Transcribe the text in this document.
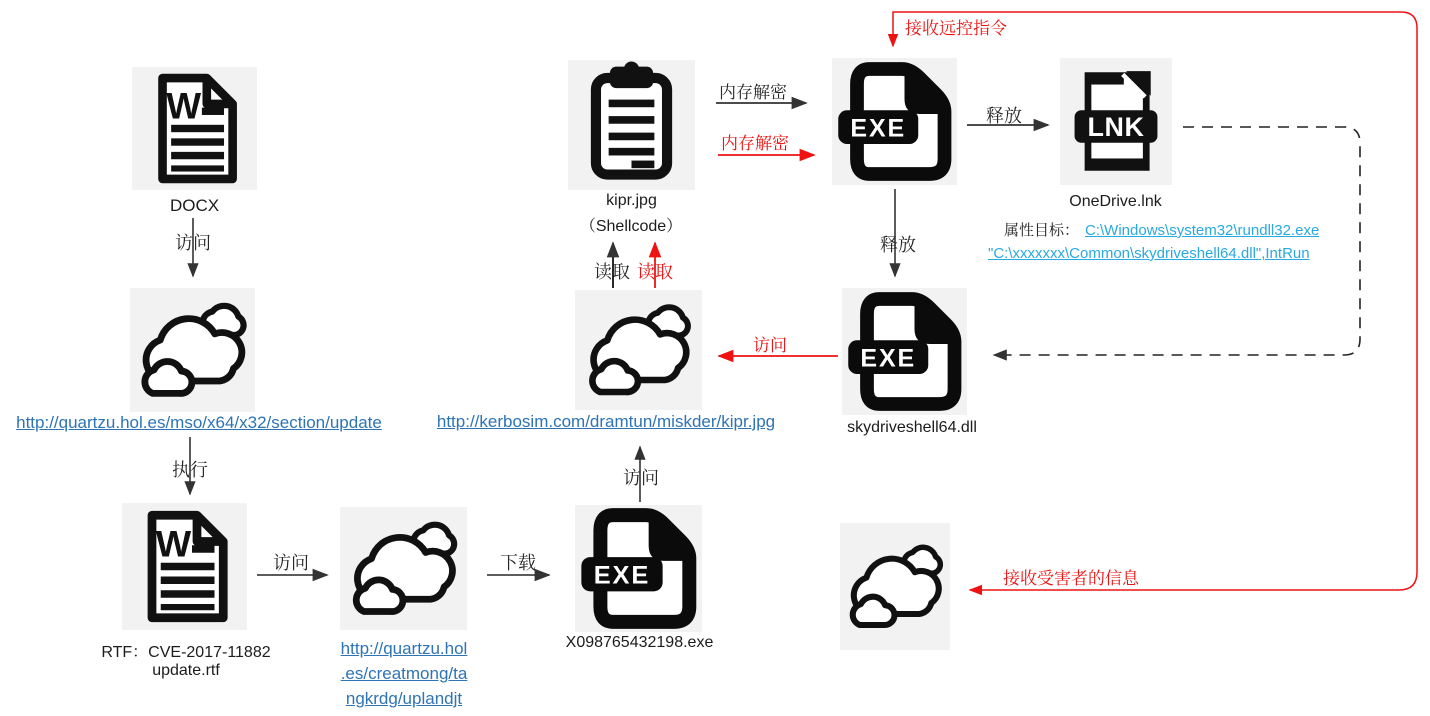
W
W
EXE
EXE	LNK
EXE
DOCX
http://quartzu.hol.es/mso/x64/x32/section/update
RTF：CVE-2017-11882
update.rtf
http://quartzu.hol
.es/creatmong/ta
ngkrdg/uplandjt
X098765432198.exe
http://kerbosim.com/dramtun/miskder/kipr.jpg
kipr.jpg
（Shellcode）
OneDrive.lnk
属性目标： C:\Windows\system32\rundll32.exe
"C:\xxxxxxx\Common\skydriveshell64.dll",IntRun
skydriveshell64.dll
访问
执行
访问	下载
访问
读取 读取
内存解密
内存解密
释放
释放
接收远控指令
访问
接收受害者的信息
